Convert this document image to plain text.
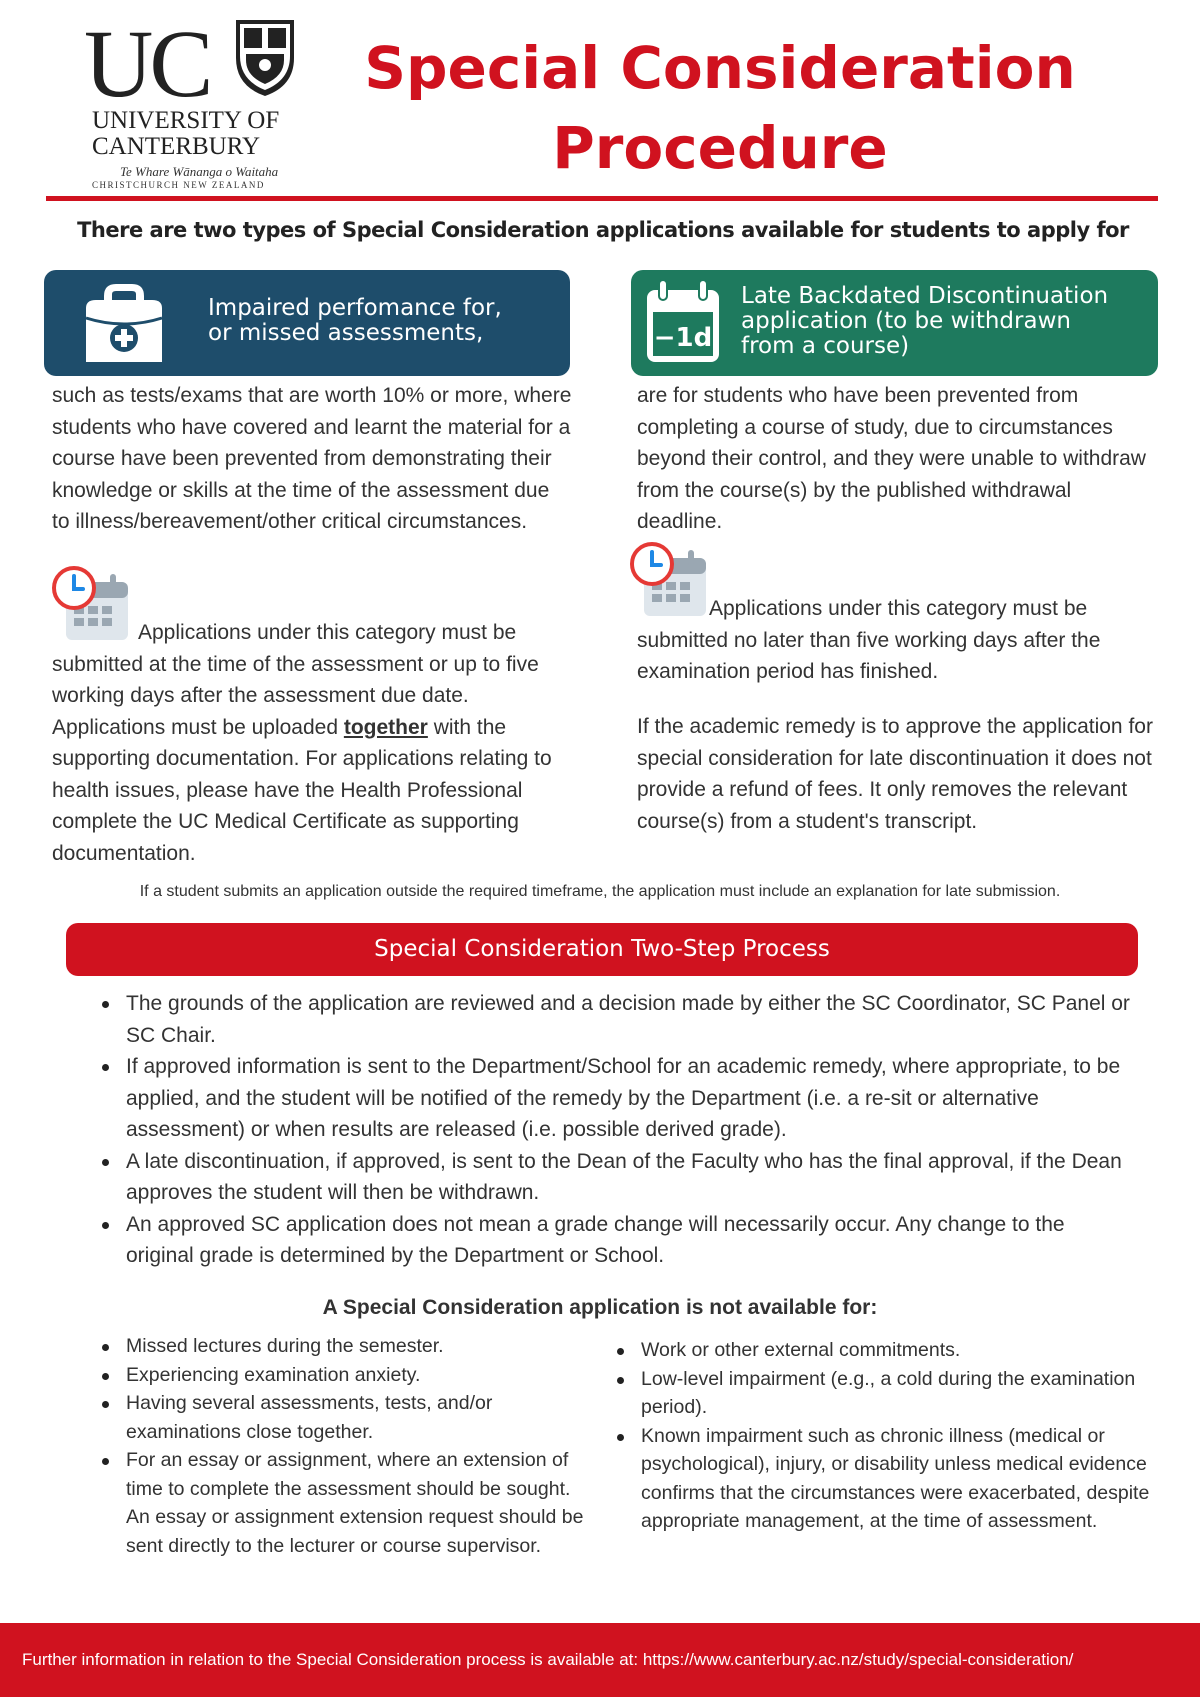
UC
UNIVERSITY OF
CANTERBURY
Te Whare Wānanga o Waitaha
CHRISTCHURCH NEW ZEALAND
Special Consideration
Procedure
There are two types of Special Consideration applications available for students to apply for
Impaired perfomance for,
or missed assessments,	−1d
Late Backdated Discontinuation
application (to be withdrawn
from a course)
such as tests/exams that are worth 10% or more, where students who have covered and learnt the material for a course have been prevented from demonstrating their knowledge or skills at the time of the assessment due to illness/bereavement/other critical circumstances.
Applications under this category must be submitted at the time of the assessment or up to five working days after the assessment due date. Applications must be uploaded together with the supporting documentation. For applications relating to health issues, please have the Health Professional complete the UC Medical Certificate as supporting documentation.
are for students who have been prevented from completing a course of study, due to circumstances beyond their control, and they were unable to withdraw from the course(s) by the published withdrawal deadline.
Applications under this category must be submitted no later than five working days after the examination period has finished.
If the academic remedy is to approve the application for special consideration for late discontinuation it does not provide a refund of fees. It only removes the relevant course(s) from a student's transcript.
If a student submits an application outside the required timeframe, the application must include an explanation for late submission.
Special Consideration Two-Step Process
The grounds of the application are reviewed and a decision made by either the SC Coordinator, SC Panel or SC Chair.
If approved information is sent to the Department/School for an academic remedy, where appropriate, to be applied, and the student will be notified of the remedy by the Department (i.e. a re-sit or alternative assessment) or when results are released (i.e. possible derived grade).
A late discontinuation, if approved, is sent to the Dean of the Faculty who has the final approval, if the Dean approves the student will then be withdrawn.
An approved SC application does not mean a grade change will necessarily occur. Any change to the original grade is determined by the Department or School.
A Special Consideration application is not available for:
Missed lectures during the semester.
Experiencing examination anxiety.
Having several assessments, tests, and/or examinations close together.
For an essay or assignment, where an extension of time to complete the assessment should be sought. An essay or assignment extension request should be sent directly to the lecturer or course supervisor.
Work or other external commitments.
Low-level impairment (e.g., a cold during the examination period).
Known impairment such as chronic illness (medical or psychological), injury, or disability unless medical evidence confirms that the circumstances were exacerbated, despite appropriate management, at the time of assessment.
Further information in relation to the Special Consideration process is available at: https://www.canterbury.ac.nz/study/special-consideration/
